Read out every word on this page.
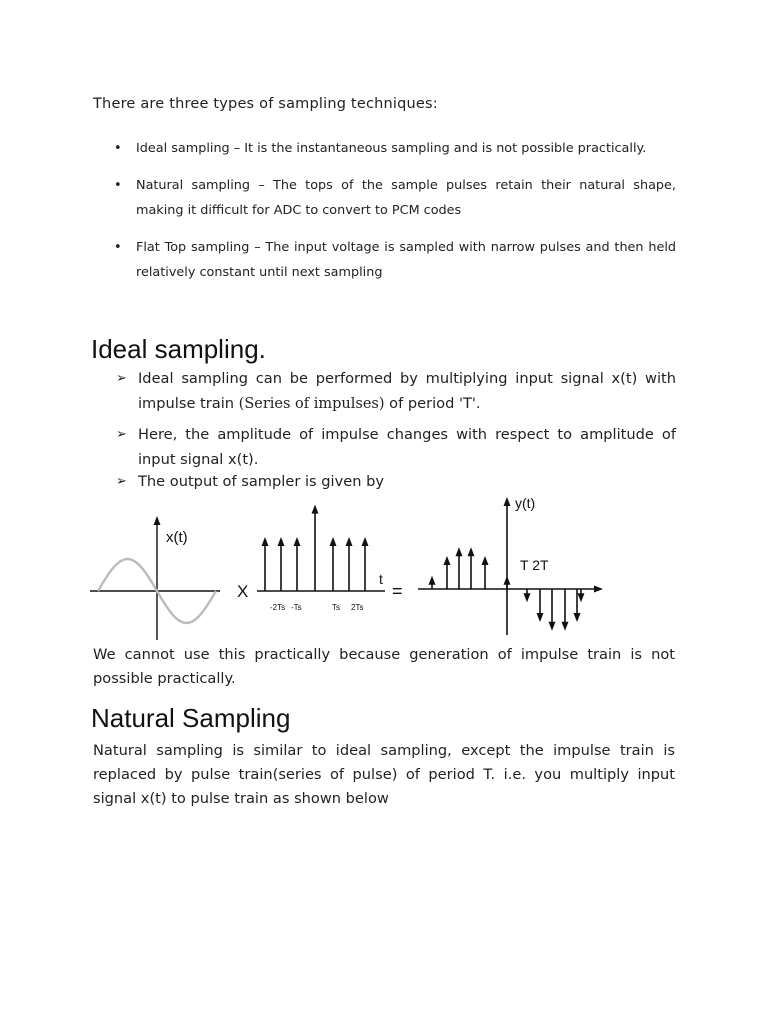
There are three types of sampling techniques:
• Ideal sampling – It is the instantaneous sampling and is not possible practically.
• Natural sampling – The tops of the sample pulses retain their natural shape, making it difficult for ADC to convert to PCM codes
• Flat Top sampling – The input voltage is sampled with narrow pulses and then held relatively constant until next sampling
Ideal sampling.
➢ Ideal sampling can be performed by multiplying input signal x(t) with impulse train (Series of impulses) of period 'T'.
➢ Here, the amplitude of impulse changes with respect to amplitude of input signal x(t).
➢ The output of sampler is given by
x(t)
X
t
-2Ts -Ts	Ts 2Ts
=
y(t)
T 2T

We cannot use this practically because generation of impulse train is not possible practically.

Natural Sampling

Natural sampling is similar to ideal sampling, except the impulse train is replaced by pulse train(series of pulse) of period T. i.e. you multiply input signal x(t) to pulse train as shown below
